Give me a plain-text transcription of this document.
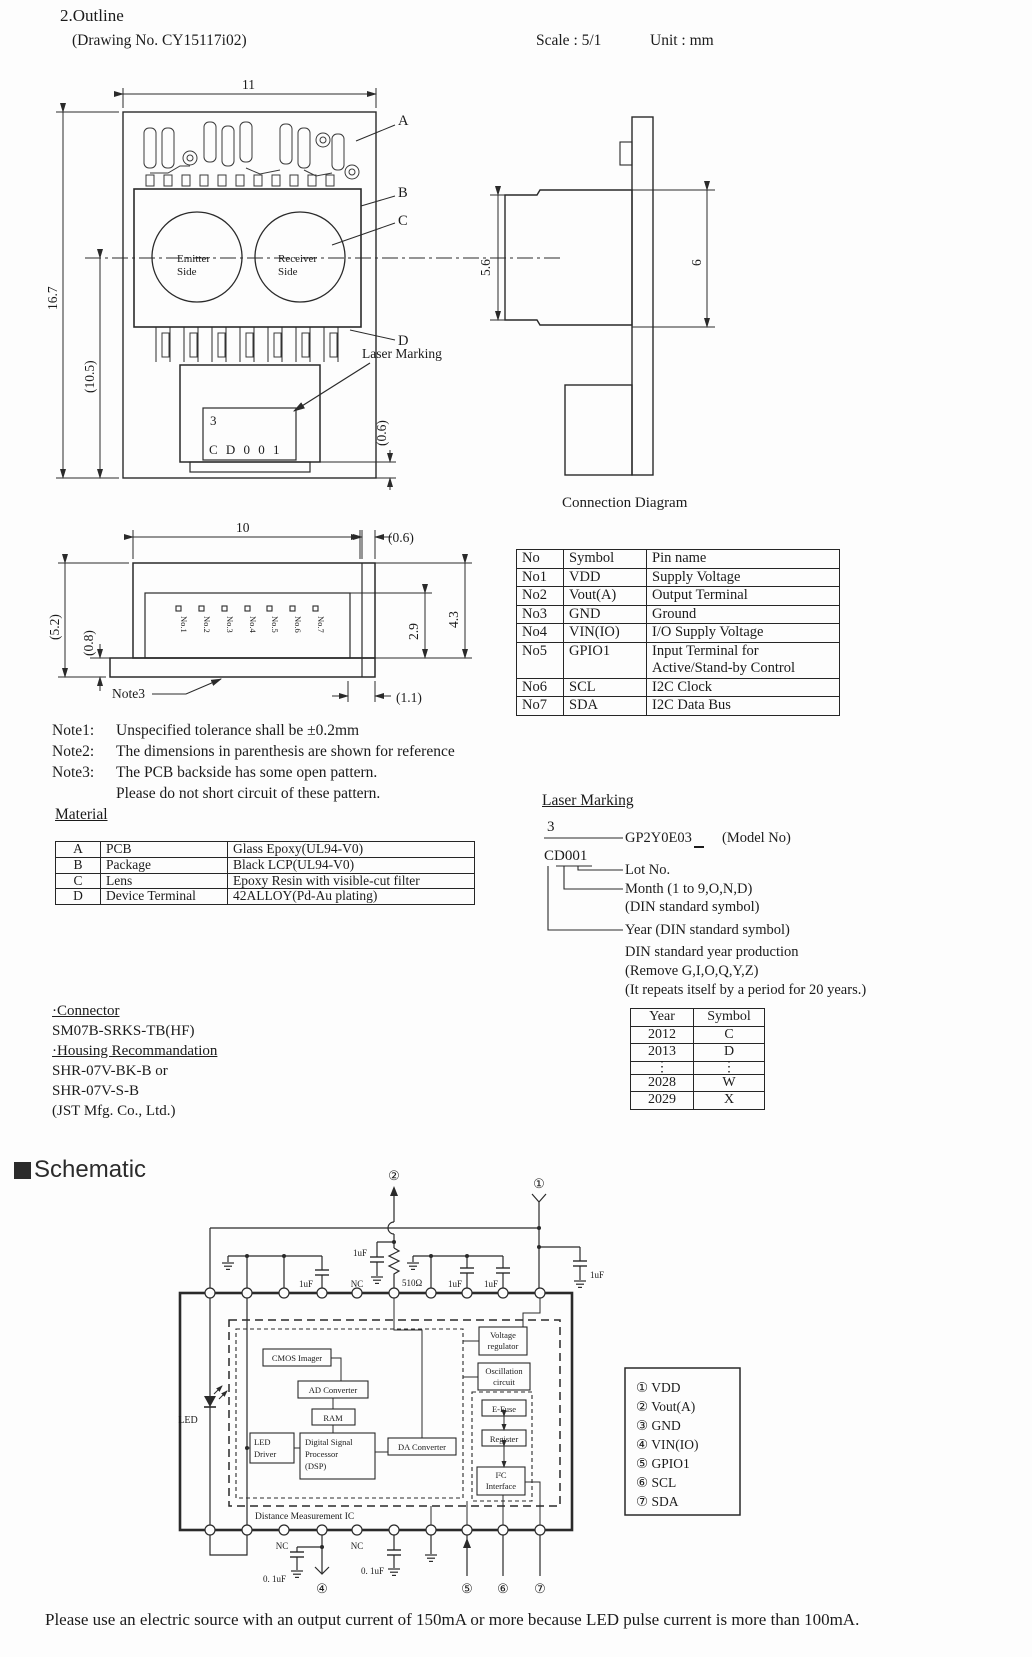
2.Outline
(Drawing No. CY15117i02)	Scale : 5/1	Unit : mm
Emitter
Side
Receiver
Side
3
C D 0 0 1
11
16.7
(10.5)
(0.6)
A
B
C
D
Laser Marking
5.6	6
No.1 No.2 No.3 No.4 No.5 No.6 No.7
10
(0.6)
(5.2)
(0.8)	2.9
4.3
(1.1)
Note3
Connection Diagram
No	Symbol	Pin name
No1	VDD	Supply Voltage
No2	Vout(A)	Output Terminal
No3	GND	Ground
No4	VIN(IO)	I/O Supply Voltage
No5	GPIO1	Input Terminal for Active/Stand-by Control
No6	SCL	I2C Clock
No7	SDA	I2C Data Bus
Note1:	Unspecified tolerance shall be ±0.2mm
Note2:	The dimensions in parenthesis are shown for reference
Note3:	The PCB backside has some open pattern.
Please do not short circuit of these pattern.
Material
A	PCB	Glass Epoxy(UL94-V0)
B	Package	Black LCP(UL94-V0)
C	Lens	Epoxy Resin with visible-cut filter
D	Device Terminal	42ALLOY(Pd-Au plating)
Laser Marking
3
CD001
GP2Y0E03 (Model No)
Lot No.
Month (1 to 9,O,N,D)
(DIN standard symbol)
Year (DIN standard symbol)
DIN standard year production
(Remove G,I,O,Q,Y,Z)
(It repeats itself by a period for 20 years.)
Year	Symbol
2012	C
2013	D
⋮	⋮
2028	W
2029	X
·Connector
SM07B-SRKS-TB(HF)
·Housing Recommandation
SHR-07V-BK-B or
SHR-07V-S-B
(JST Mfg. Co., Ltd.)
Schematic
①
1uF
②
1uF
510Ω
1uF	NC	1uF 1uF
LED
CMOS Imager
AD Converter
RAM
Digital Signal
Processor
(DSP)
LED
Driver
DA Converter
Voltage
regulator
Oscillation
circuit
E-Fuse
Register
I²C
Interface
Distance Measurement IC
NC
0. 1uF
④
NC
0. 1uF
⑤ ⑥ ⑦
① VDD
② Vout(A)
③ GND
④ VIN(IO)
⑤ GPIO1
⑥ SCL
⑦ SDA
Please use an electric source with an output current of 150mA or more because LED pulse current is more than 100mA.
